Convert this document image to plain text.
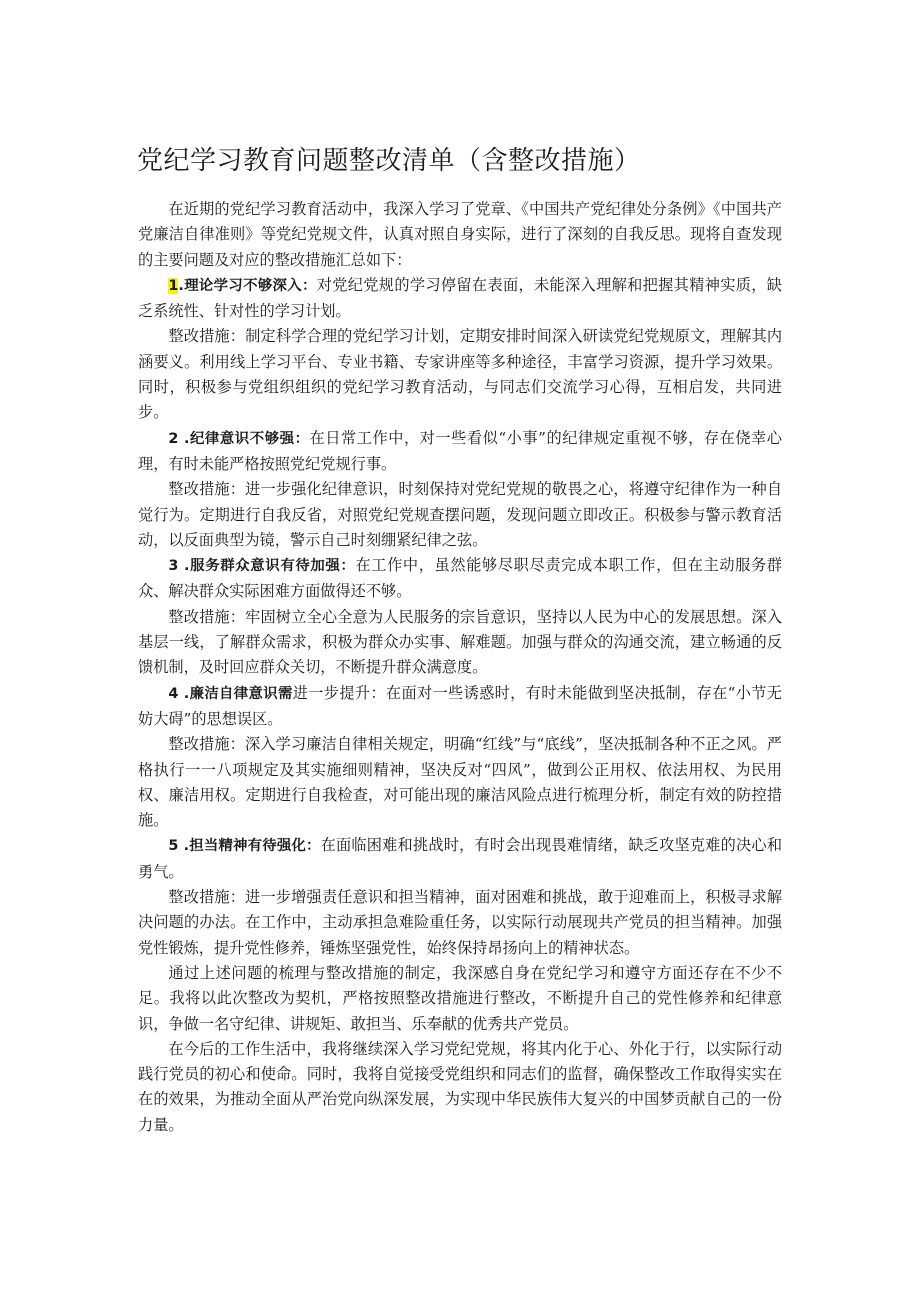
党纪学习教育问题整改清单（含整改措施）

在近期的党纪学习教育活动中，我深入学习了党章、《中国共产党纪律处分条例》《中国共产党廉洁自律准则》等党纪党规文件，认真对照自身实际，进行了深刻的自我反思。现将自查发现的主要问题及对应的整改措施汇总如下：

1.理论学习不够深入：对党纪党规的学习停留在表面，未能深入理解和把握其精神实质，缺乏系统性、针对性的学习计划。

整改措施：制定科学合理的党纪学习计划，定期安排时间深入研读党纪党规原文，理解其内涵要义。利用线上学习平台、专业书籍、专家讲座等多种途径，丰富学习资源，提升学习效果。同时，积极参与党组织组织的党纪学习教育活动，与同志们交流学习心得，互相启发，共同进步。

2 .纪律意识不够强：在日常工作中，对一些看似“小事”的纪律规定重视不够，存在侥幸心理，有时未能严格按照党纪党规行事。

整改措施：进一步强化纪律意识，时刻保持对党纪党规的敬畏之心，将遵守纪律作为一种自觉行为。定期进行自我反省，对照党纪党规查摆问题，发现问题立即改正。积极参与警示教育活动，以反面典型为镜，警示自己时刻绷紧纪律之弦。

3 .服务群众意识有待加强：在工作中，虽然能够尽职尽责完成本职工作，但在主动服务群众、解决群众实际困难方面做得还不够。

整改措施：牢固树立全心全意为人民服务的宗旨意识，坚持以人民为中心的发展思想。深入基层一线，了解群众需求，积极为群众办实事、解难题。加强与群众的沟通交流，建立畅通的反馈机制，及时回应群众关切，不断提升群众满意度。

4 .廉洁自律意识需进一步提升：在面对一些诱惑时，有时未能做到坚决抵制，存在“小节无妨大碍”的思想误区。

整改措施：深入学习廉洁自律相关规定，明确“红线”与“底线”，坚决抵制各种不正之风。严格执行一一八项规定及其实施细则精神，坚决反对“四风”，做到公正用权、依法用权、为民用权、廉洁用权。定期进行自我检查，对可能出现的廉洁风险点进行梳理分析，制定有效的防控措施。

5 .担当精神有待强化：在面临困难和挑战时，有时会出现畏难情绪，缺乏攻坚克难的决心和勇气。

整改措施：进一步增强责任意识和担当精神，面对困难和挑战，敢于迎难而上，积极寻求解决问题的办法。在工作中，主动承担急难险重任务，以实际行动展现共产党员的担当精神。加强党性锻炼，提升党性修养，锤炼坚强党性，始终保持昂扬向上的精神状态。

通过上述问题的梳理与整改措施的制定，我深感自身在党纪学习和遵守方面还存在不少不足。我将以此次整改为契机，严格按照整改措施进行整改，不断提升自己的党性修养和纪律意识，争做一名守纪律、讲规矩、敢担当、乐奉献的优秀共产党员。

在今后的工作生活中，我将继续深入学习党纪党规，将其内化于心、外化于行，以实际行动践行党员的初心和使命。同时，我将自觉接受党组织和同志们的监督，确保整改工作取得实实在在的效果，为推动全面从严治党向纵深发展，为实现中华民族伟大复兴的中国梦贡献自己的一份力量。
